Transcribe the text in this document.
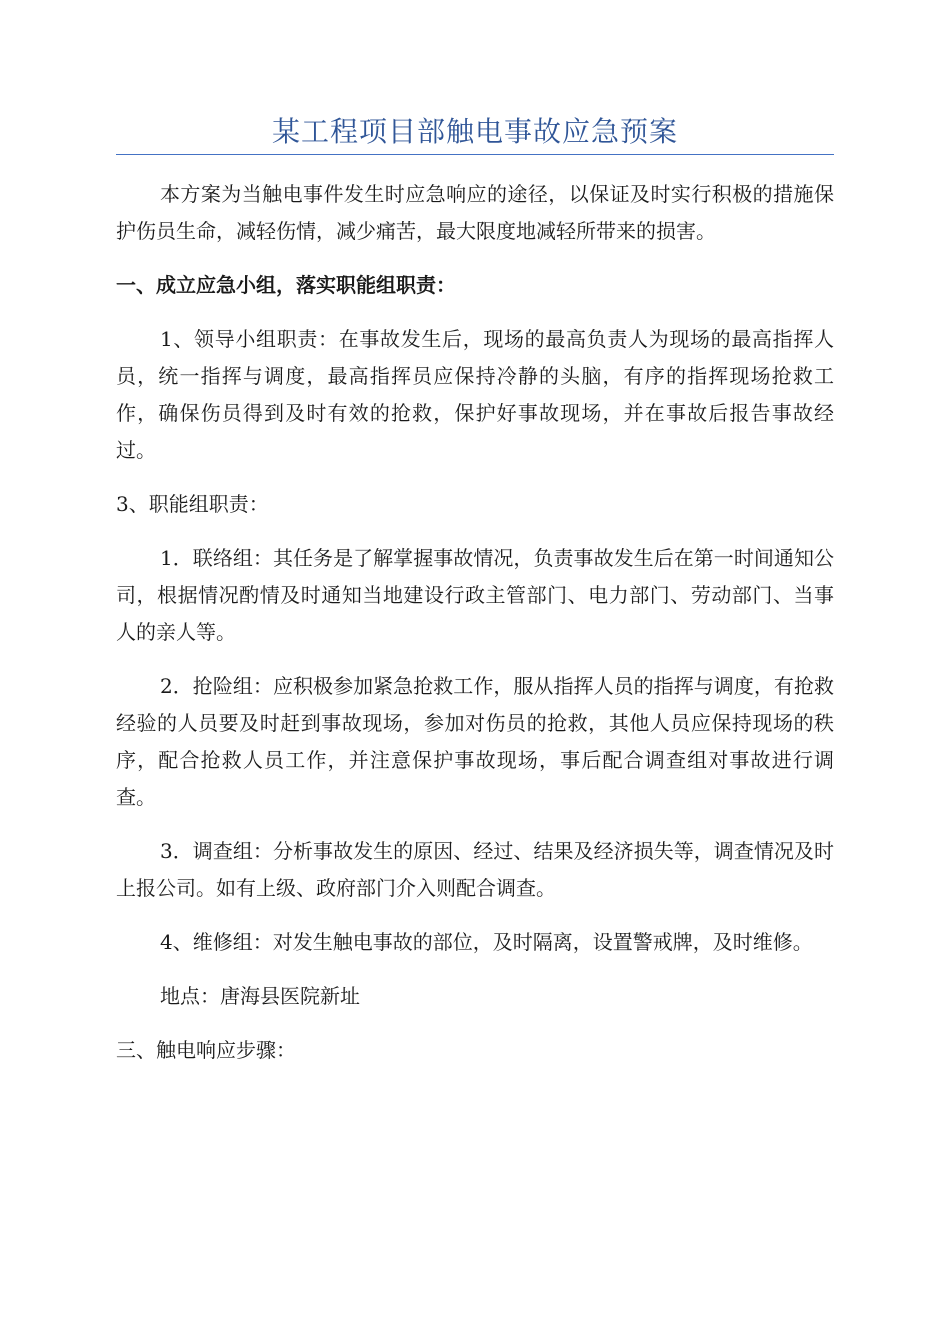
某工程项目部触电事故应急预案

本方案为当触电事件发生时应急响应的途径，以保证及时实行积极的措施保护伤员生命，减轻伤情，减少痛苦，最大限度地减轻所带来的损害。

一、成立应急小组，落实职能组职责：

1、领导小组职责：在事故发生后，现场的最高负责人为现场的最高指挥人员，统一指挥与调度，最高指挥员应保持冷静的头脑，有序的指挥现场抢救工作，确保伤员得到及时有效的抢救，保护好事故现场，并在事故后报告事故经过。

3、职能组职责：

1．联络组：其任务是了解掌握事故情况，负责事故发生后在第一时间通知公司，根据情况酌情及时通知当地建设行政主管部门、电力部门、劳动部门、当事人的亲人等。

2．抢险组：应积极参加紧急抢救工作，服从指挥人员的指挥与调度，有抢救经验的人员要及时赶到事故现场，参加对伤员的抢救，其他人员应保持现场的秩序，配合抢救人员工作，并注意保护事故现场，事后配合调查组对事故进行调查。

3．调查组：分析事故发生的原因、经过、结果及经济损失等，调查情况及时上报公司。如有上级、政府部门介入则配合调查。

4、维修组：对发生触电事故的部位，及时隔离，设置警戒牌，及时维修。

地点：唐海县医院新址

三、触电响应步骤：
